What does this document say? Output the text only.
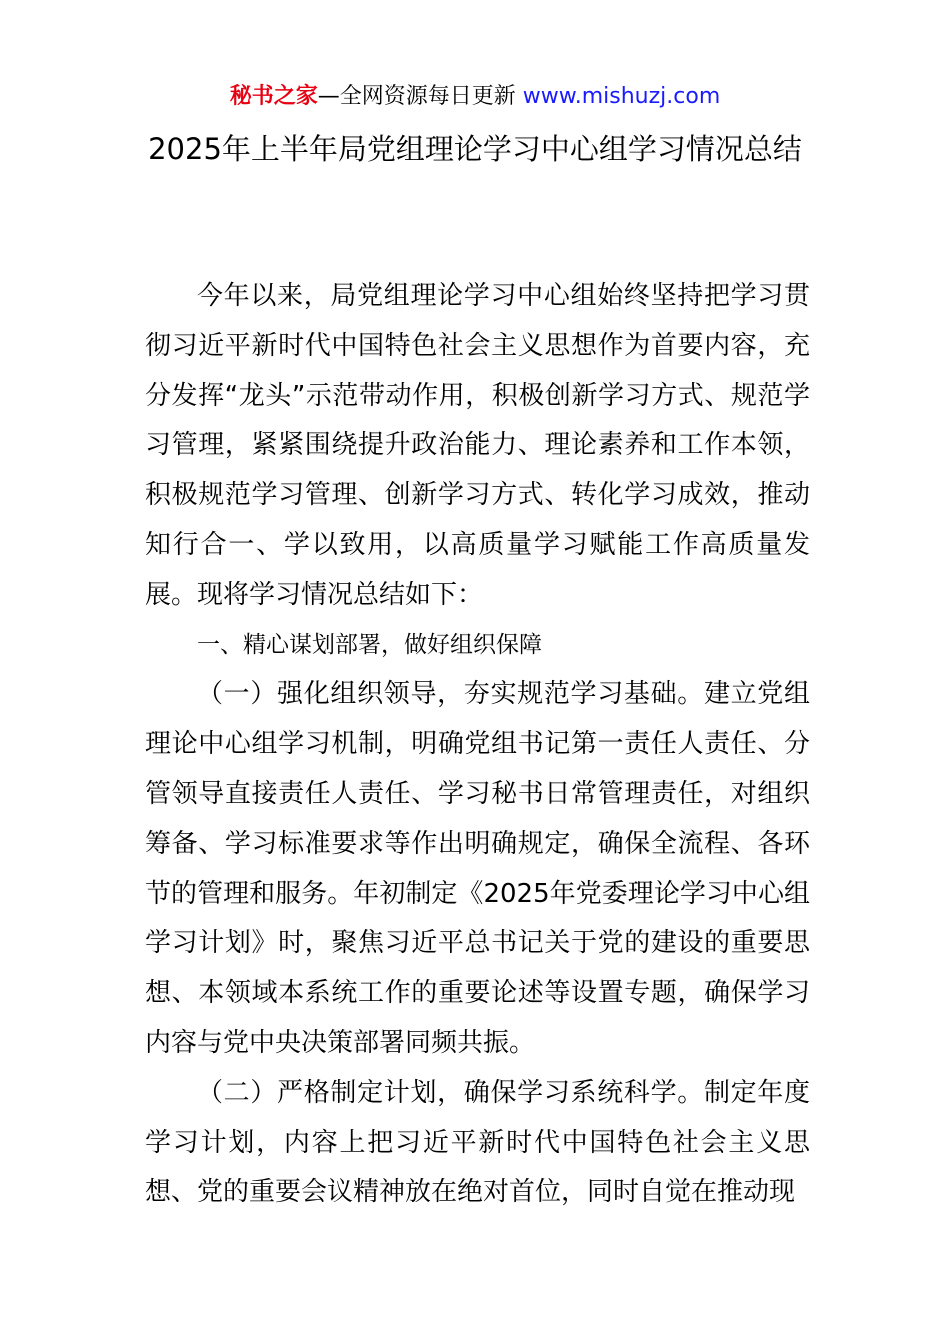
秘书之家—全网资源每日更新 www.mishuzj.com
2025年上半年局党组理论学习中心组学习情况总结

今年以来，局党组理论学习中心组始终坚持把学习贯彻习近平新时代中国特色社会主义思想作为首要内容，充分发挥“龙头”示范带动作用，积极创新学习方式、规范学习管理，紧紧围绕提升政治能力、理论素养和工作本领，积极规范学习管理、创新学习方式、转化学习成效，推动知行合一、学以致用，以高质量学习赋能工作高质量发展。现将学习情况总结如下：

一、精心谋划部署，做好组织保障

（一）强化组织领导，夯实规范学习基础。建立党组理论中心组学习机制，明确党组书记第一责任人责任、分管领导直接责任人责任、学习秘书日常管理责任，对组织筹备、学习标准要求等作出明确规定，确保全流程、各环节的管理和服务。年初制定《2025年党委理论学习中心组学习计划》时，聚焦习近平总书记关于党的建设的重要思想、本领域本系统工作的重要论述等设置专题，确保学习内容与党中央决策部署同频共振。

（二）严格制定计划，确保学习系统科学。制定年度学习计划，内容上把习近平新时代中国特色社会主义思想、党的重要会议精神放在绝对首位，同时自觉在推动现
